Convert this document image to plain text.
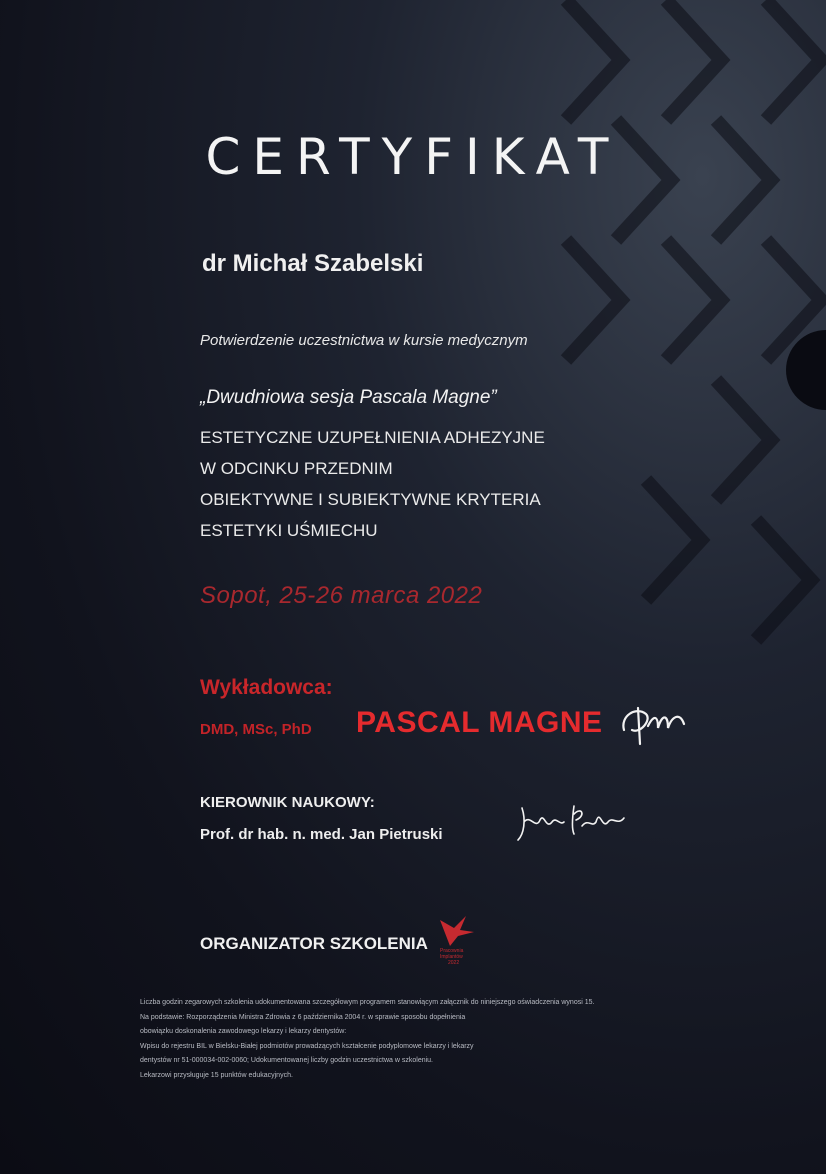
CERTYFIKAT
dr Michał Szabelski
Potwierdzenie uczestnictwa w kursie medycznym
„Dwudniowa sesja Pascala Magne”
ESTETYCZNE UZUPEŁNIENIA ADHEZYJNE
W ODCINKU PRZEDNIM
OBIEKTYWNE I SUBIEKTYWNE KRYTERIA
ESTETYKI UŚMIECHU
Sopot, 25-26 marca 2022
Wykładowca:
DMD, MSc, PhD PASCAL MAGNE
KIEROWNIK NAUKOWY:
Prof. dr hab. n. med. Jan Pietruski
ORGANIZATOR SZKOLENIA Pracownia
Implantów
2022
Liczba godzin zegarowych szkolenia udokumentowana szczegółowym programem stanowiącym załącznik do niniejszego oświadczenia wynosi 15.
Na podstawie: Rozporządzenia Ministra Zdrowia z 6 października 2004 r. w sprawie sposobu dopełnienia
obowiązku doskonalenia zawodowego lekarzy i lekarzy dentystów:
Wpisu do rejestru BIL w Bielsku-Białej podmiotów prowadzących kształcenie podyplomowe lekarzy i lekarzy
dentystów nr 51-000034-002-0060; Udokumentowanej liczby godzin uczestnictwa w szkoleniu.
Lekarzowi przysługuje 15 punktów edukacyjnych.
